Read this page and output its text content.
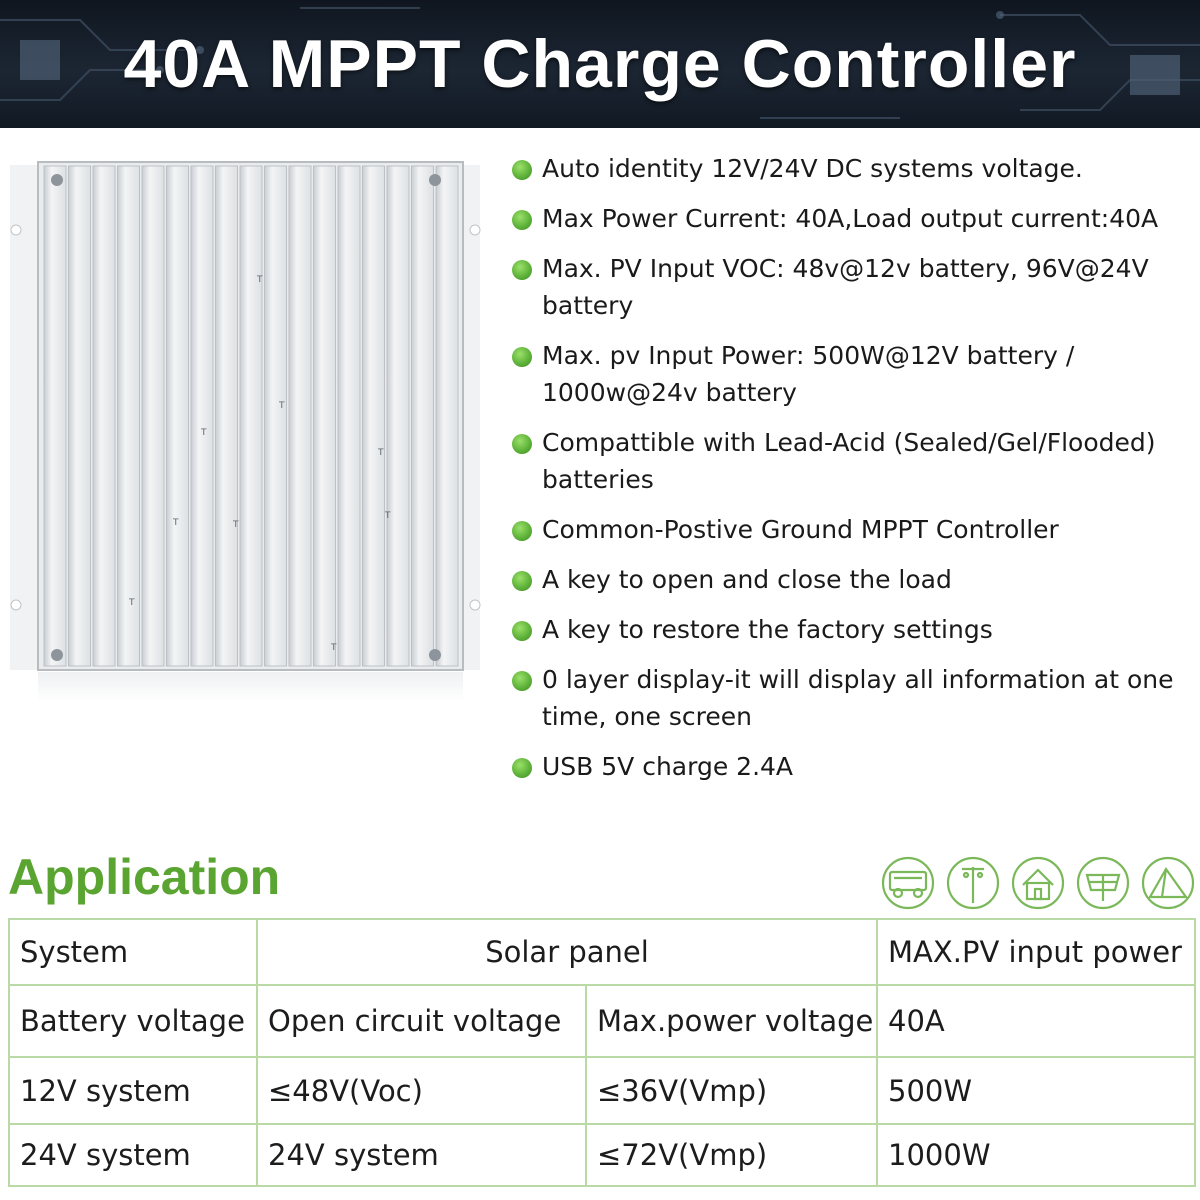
40A MPPT Charge Controller
T
T
T
T
T
T	T
T
T
Auto identity 12V/24V DC systems voltage.
Max Power Current: 40A,Load output current:40A
Max. PV Input VOC: 48v@12v battery, 96V@24V battery
Max. pv Input Power: 500W@12V battery / 1000w@24v battery
Compattible with Lead-Acid (Sealed/Gel/Flooded) batteries
Common-Postive Ground MPPT Controller
A key to open and close the load
A key to restore the factory settings
0 layer display-it will display all information at one time, one screen
USB 5V charge 2.4A
Application
System	Solar panel		MAX.PV input power
Battery voltage	Open circuit voltage	Max.power voltage	40A
12V system	≤48V(Voc)	≤36V(Vmp)	500W
24V system	24V system	≤72V(Vmp)	1000W
